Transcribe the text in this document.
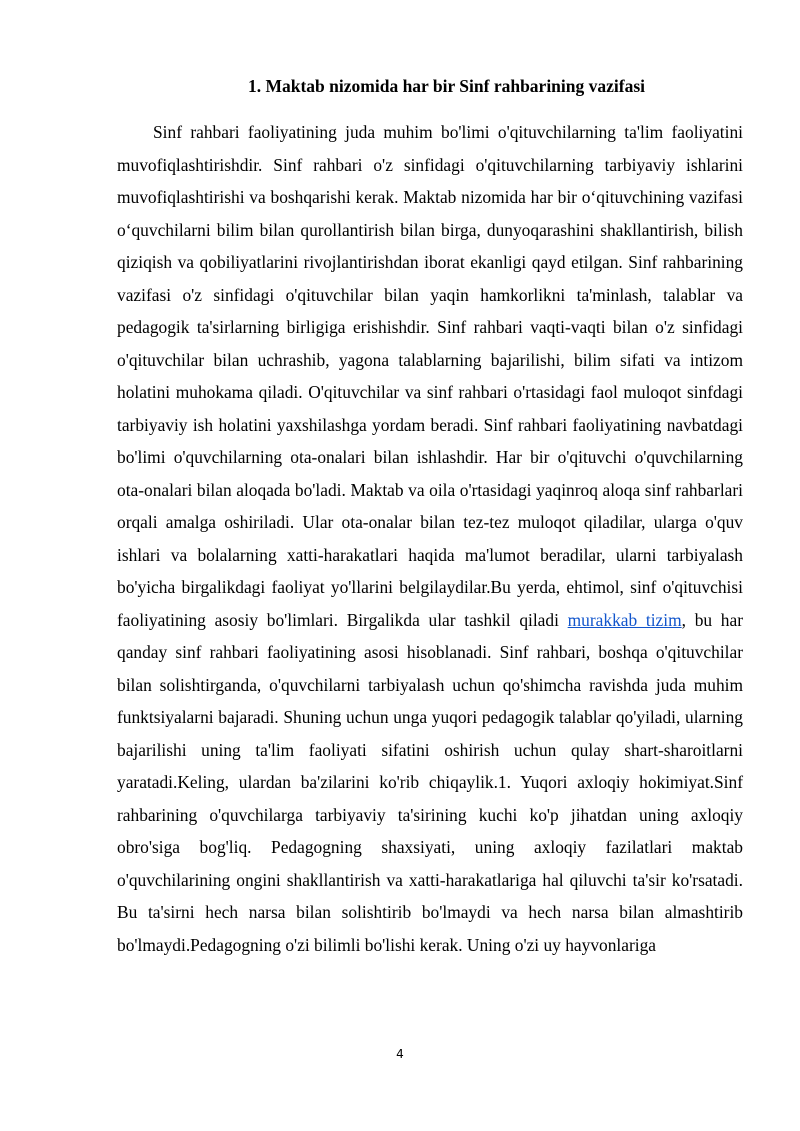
1. Maktab nizomida har bir Sinf rahbarining vazifasi

Sinf rahbari faoliyatining juda muhim bo'limi o'qituvchilarning ta'lim faoliyatini muvofiqlashtirishdir. Sinf rahbari o'z sinfidagi o'qituvchilarning tarbiyaviy ishlarini muvofiqlashtirishi va boshqarishi kerak. Maktab nizomida har bir o‘qituvchining vazifasi o‘quvchilarni bilim bilan qurollantirish bilan birga, dunyoqarashini shakllantirish, bilish qiziqish va qobiliyatlarini rivojlantirishdan iborat ekanligi qayd etilgan. Sinf rahbarining vazifasi o'z sinfidagi o'qituvchilar bilan yaqin hamkorlikni ta'minlash, talablar va pedagogik ta'sirlarning birligiga erishishdir. Sinf rahbari vaqti-vaqti bilan o'z sinfidagi o'qituvchilar bilan uchrashib, yagona talablarning bajarilishi, bilim sifati va intizom holatini muhokama qiladi. O'qituvchilar va sinf rahbari o'rtasidagi faol muloqot sinfdagi tarbiyaviy ish holatini yaxshilashga yordam beradi. Sinf rahbari faoliyatining navbatdagi bo'limi o'quvchilarning ota-onalari bilan ishlashdir. Har bir o'qituvchi o'quvchilarning ota-onalari bilan aloqada bo'ladi. Maktab va oila o'rtasidagi yaqinroq aloqa sinf rahbarlari orqali amalga oshiriladi. Ular ota-onalar bilan tez-tez muloqot qiladilar, ularga o'quv ishlari va bolalarning xatti-harakatlari haqida ma'lumot beradilar, ularni tarbiyalash bo'yicha birgalikdagi faoliyat yo'llarini belgilaydilar.Bu yerda, ehtimol, sinf o'qituvchisi faoliyatining asosiy bo'limlari. Birgalikda ular tashkil qiladi murakkab tizim, bu har qanday sinf rahbari faoliyatining asosi hisoblanadi. Sinf rahbari, boshqa o'qituvchilar bilan solishtirganda, o'quvchilarni tarbiyalash uchun qo'shimcha ravishda juda muhim funktsiyalarni bajaradi. Shuning uchun unga yuqori pedagogik talablar qo'yiladi, ularning bajarilishi uning ta'lim faoliyati sifatini oshirish uchun qulay shart-sharoitlarni yaratadi.Keling, ulardan ba'zilarini ko'rib chiqaylik.1. Yuqori axloqiy hokimiyat.Sinf rahbarining o'quvchilarga tarbiyaviy ta'sirining kuchi ko'p jihatdan uning axloqiy obro'siga bog'liq. Pedagogning shaxsiyati, uning axloqiy fazilatlari maktab o'quvchilarining ongini shakllantirish va xatti-harakatlariga hal qiluvchi ta'sir ko'rsatadi. Bu ta'sirni hech narsa bilan solishtirib bo'lmaydi va hech narsa bilan almashtirib bo'lmaydi.Pedagogning o'zi bilimli bo'lishi kerak. Uning o'zi uy hayvonlariga

4
